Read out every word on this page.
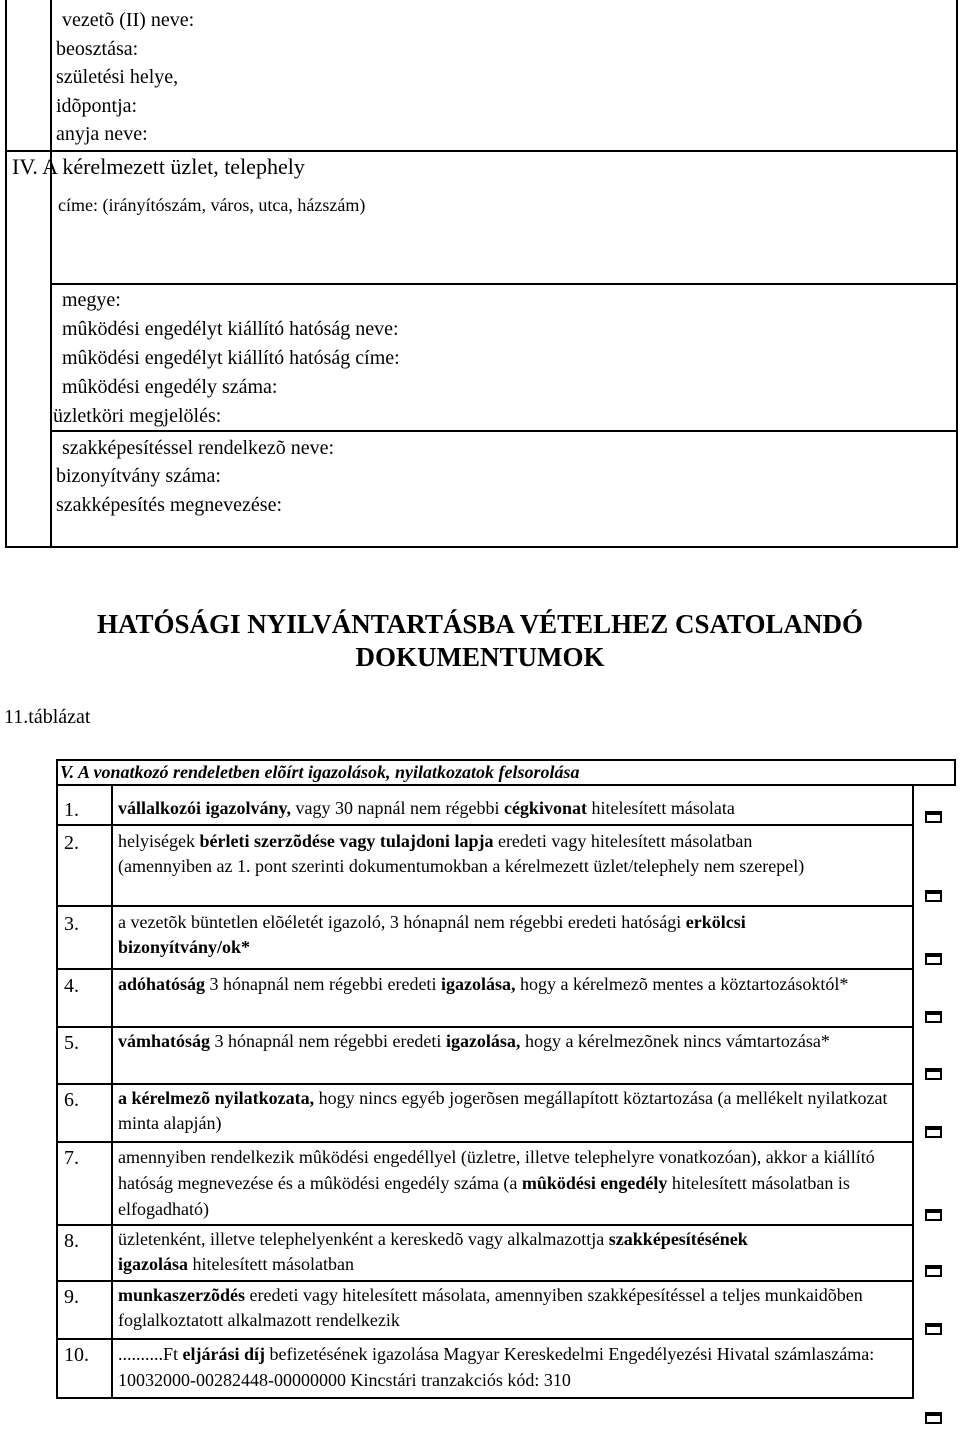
vezetõ (II) neve:
beosztása:
születési helye,
idõpontja:
anyja neve:
IV. A kérelmezett üzlet, telephely
címe: (irányítószám, város, utca, házszám)
megye:
mûködési engedélyt kiállító hatóság neve:
mûködési engedélyt kiállító hatóság címe:
mûködési engedély száma:
üzletköri megjelölés:
szakképesítéssel rendelkezõ neve:
bizonyítvány száma:
szakképesítés megnevezése:
HATÓSÁGI NYILVÁNTARTÁSBA VÉTELHEZ CSATOLANDÓ
DOKUMENTUMOK
11.táblázat
V. A vonatkozó rendeletben elõírt igazolások, nyilatkozatok felsorolása
1.
2.
3.
4.
5.
6.
7.
8.
9.
10.
vállalkozói igazolvány, vagy 30 napnál nem régebbi cégkivonat hitelesített másolata
helyiségek bérleti szerzõdése vagy tulajdoni lapja eredeti vagy hitelesített másolatban (amennyiben az 1. pont szerinti dokumentumokban a kérelmezett üzlet/telephely nem szerepel)
a vezetõk büntetlen elõéletét igazoló, 3 hónapnál nem régebbi eredeti hatósági erkölcsi bizonyítvány/ok*
adóhatóság 3 hónapnál nem régebbi eredeti igazolása, hogy a kérelmezõ mentes a köztartozásoktól*
vámhatóság 3 hónapnál nem régebbi eredeti igazolása, hogy a kérelmezõnek nincs vámtartozása*
a kérelmezõ nyilatkozata, hogy nincs egyéb jogerõsen megállapított köztartozása (a mellékelt nyilatkozat minta alapján)
amennyiben rendelkezik mûködési engedéllyel (üzletre, illetve telephelyre vonatkozóan), akkor a kiállító hatóság megnevezése és a mûködési engedély száma (a mûködési engedély hitelesített másolatban is elfogadható)
üzletenként, illetve telephelyenként a kereskedõ vagy alkalmazottja szakképesítésének igazolása hitelesített másolatban
munkaszerzõdés eredeti vagy hitelesített másolata, amennyiben szakképesítéssel a teljes munkaidõben foglalkoztatott alkalmazott rendelkezik
..........Ft eljárási díj befizetésének igazolása Magyar Kereskedelmi Engedélyezési Hivatal számlaszáma: 10032000-00282448-00000000 Kincstári tranzakciós kód: 310
